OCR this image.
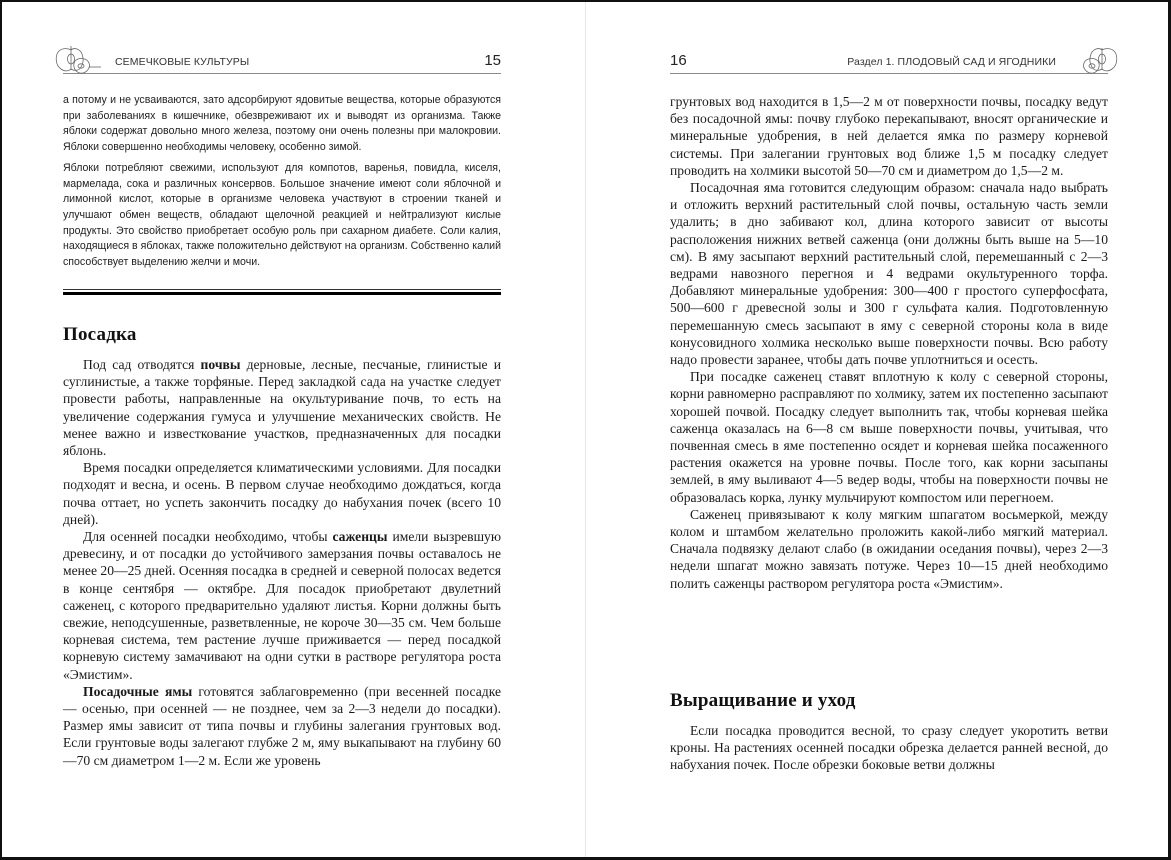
СЕМЕЧКОВЫЕ КУЛЬТУРЫ	15

а потому и не усваиваются, зато адсорбируют ядовитые вещества, которые образуются при заболеваниях в кишечнике, обезвреживают их и выводят из организма. Также яблоки содержат довольно много железа, поэтому они очень полезны при малокровии. Яблоки совершенно необходимы человеку, особенно зимой.

Яблоки потребляют свежими, используют для компотов, варенья, повидла, киселя, мармелада, сока и различных консервов. Большое значение имеют соли яблочной и лимонной кислот, которые в организме человека участвуют в строении тканей и улучшают обмен веществ, обладают щелочной реакцией и нейтрализуют кислые продукты. Это свойство приобретает особую роль при сахарном диабете. Соли калия, находящиеся в яблоках, также положительно действуют на организм. Собственно калий способствует выделению желчи и мочи.

Посадка

Под сад отводятся почвы дерновые, лесные, песчаные, глинистые и суглинистые, а также торфяные. Перед закладкой сада на участке следует провести работы, направленные на окультуривание почв, то есть на увеличение содержания гумуса и улучшение механических свойств. Не менее важно и известкование участков, предназначенных для посадки яблонь.

Время посадки определяется климатическими условиями. Для посадки подходят и весна, и осень. В первом случае необходимо дождаться, когда почва оттает, но успеть закончить посадку до набухания почек (всего 10 дней).

Для осенней посадки необходимо, чтобы саженцы имели вызревшую древесину, и от посадки до устойчивого замерзания почвы оставалось не менее 20—25 дней. Осенняя посадка в средней и северной полосах ведется в конце сентября — октябре. Для посадок приобретают двулетний саженец, с которого предварительно удаляют листья. Корни должны быть свежие, неподсушенные, разветвленные, не короче 30—35 см. Чем больше корневая система, тем растение лучше приживается — перед посадкой корневую систему замачивают на одни сутки в растворе регулятора роста «Эмистим».

Посадочные ямы готовятся заблаговременно (при весенней посадке — осенью, при осенней — не позднее, чем за 2—3 недели до посадки). Размер ямы зависит от типа почвы и глубины залегания грунтовых вод. Если грунтовые воды залегают глубже 2 м, яму выкапывают на глубину 60—70 см диаметром 1—2 м. Если же уровень

16	Раздел 1. ПЛОДОВЫЙ САД И ЯГОДНИКИ

грунтовых вод находится в 1,5—2 м от поверхности почвы, посадку ведут без посадочной ямы: почву глубоко перекапывают, вносят органические и минеральные удобрения, в ней делается ямка по размеру корневой системы. При залегании грунтовых вод ближе 1,5 м посадку следует проводить на холмики высотой 50—70 см и диаметром до 1,5—2 м.

Посадочная яма готовится следующим образом: сначала надо выбрать и отложить верхний растительный слой почвы, остальную часть земли удалить; в дно забивают кол, длина которого зависит от высоты расположения нижних ветвей саженца (они должны быть выше на 5—10 см). В яму засыпают верхний растительный слой, перемешанный с 2—3 ведрами навозного перегноя и 4 ведрами окультуренного торфа. Добавляют минеральные удобрения: 300—400 г простого суперфосфата, 500—600 г древесной золы и 300 г сульфата калия. Подготовленную перемешанную смесь засыпают в яму с северной стороны кола в виде конусовидного холмика несколько выше поверхности почвы. Всю работу надо провести заранее, чтобы дать почве уплотниться и осесть.

При посадке саженец ставят вплотную к колу с северной стороны, корни равномерно расправляют по холмику, затем их постепенно засыпают хорошей почвой. Посадку следует выполнить так, чтобы корневая шейка саженца оказалась на 6—8 см выше поверхности почвы, учитывая, что почвенная смесь в яме постепенно осядет и корневая шейка посаженного растения окажется на уровне почвы. После того, как корни засыпаны землей, в яму выливают 4—5 ведер воды, чтобы на поверхности почвы не образовалась корка, лунку мульчируют компостом или перегноем.

Саженец привязывают к колу мягким шпагатом восьмеркой, между колом и штамбом желательно проложить какой-либо мягкий материал. Сначала подвязку делают слабо (в ожидании оседания почвы), через 2—3 недели шпагат можно завязать потуже. Через 10—15 дней необходимо полить саженцы раствором регулятора роста «Эмистим».

Выращивание и уход

Если посадка проводится весной, то сразу следует укоротить ветви кроны. На растениях осенней посадки обрезка делается ранней весной, до набухания почек. После обрезки боковые ветви должны
